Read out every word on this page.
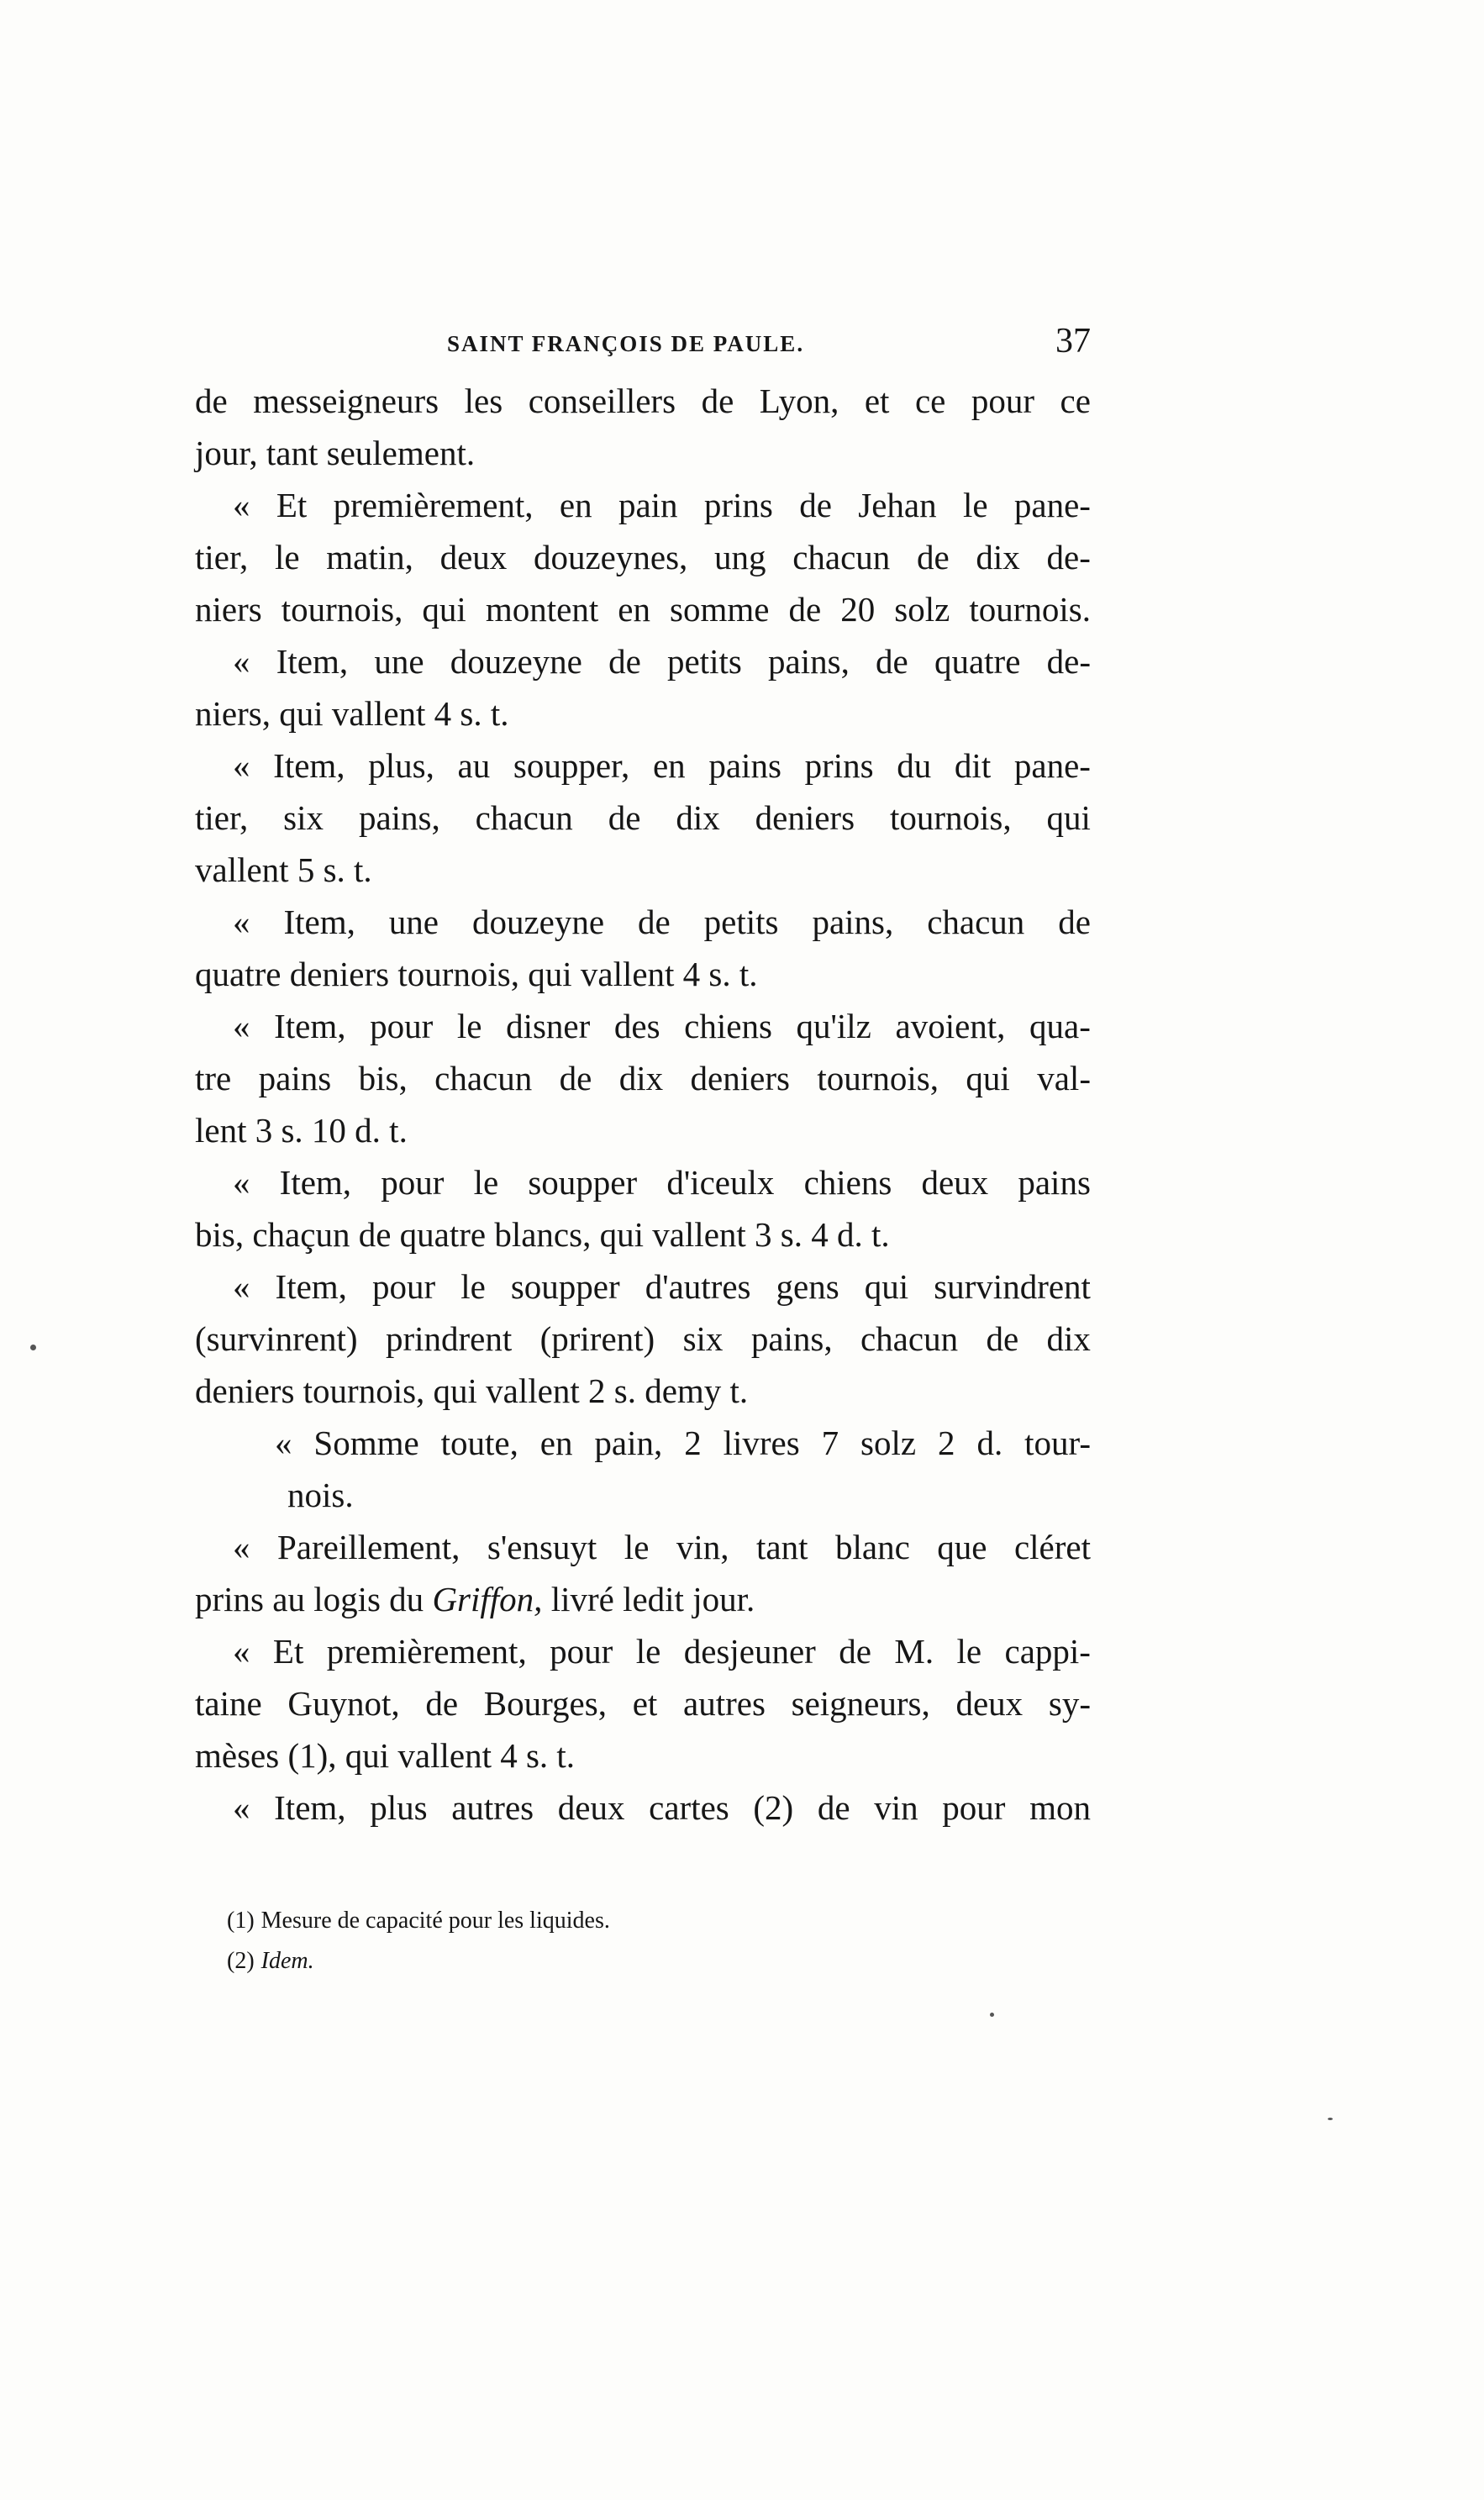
SAINT FRANÇOIS DE PAULE.	37
de messeigneurs les conseillers de Lyon, et ce pour ce
jour, tant seulement.
« Et premièrement, en pain prins de Jehan le pane-
tier, le matin, deux douzeynes, ung chacun de dix de-
niers tournois, qui montent en somme de 20 solz tournois.
« Item, une douzeyne de petits pains, de quatre de-
niers, qui vallent 4 s. t.
« Item, plus, au soupper, en pains prins du dit pane-
tier, six pains, chacun de dix deniers tournois, qui
vallent 5 s. t.
« Item, une douzeyne de petits pains, chacun de
quatre deniers tournois, qui vallent 4 s. t.
« Item, pour le disner des chiens qu'ilz avoient, qua-
tre pains bis, chacun de dix deniers tournois, qui val-
lent 3 s. 10 d. t.
« Item, pour le soupper d'iceulx chiens deux pains
bis, chaçun de quatre blancs, qui vallent 3 s. 4 d. t.
« Item, pour le soupper d'autres gens qui survindrent
(survinrent) prindrent (prirent) six pains, chacun de dix
deniers tournois, qui vallent 2 s. demy t.
« Somme toute, en pain, 2 livres 7 solz 2 d. tour-
nois.
« Pareillement, s'ensuyt le vin, tant blanc que cléret
prins au logis du Griffon, livré ledit jour.
« Et premièrement, pour le desjeuner de M. le cappi-
taine Guynot, de Bourges, et autres seigneurs, deux sy-
mèses (1), qui vallent 4 s. t.
« Item, plus autres deux cartes (2) de vin pour mon
(1) Mesure de capacité pour les liquides.
(2) Idem.
